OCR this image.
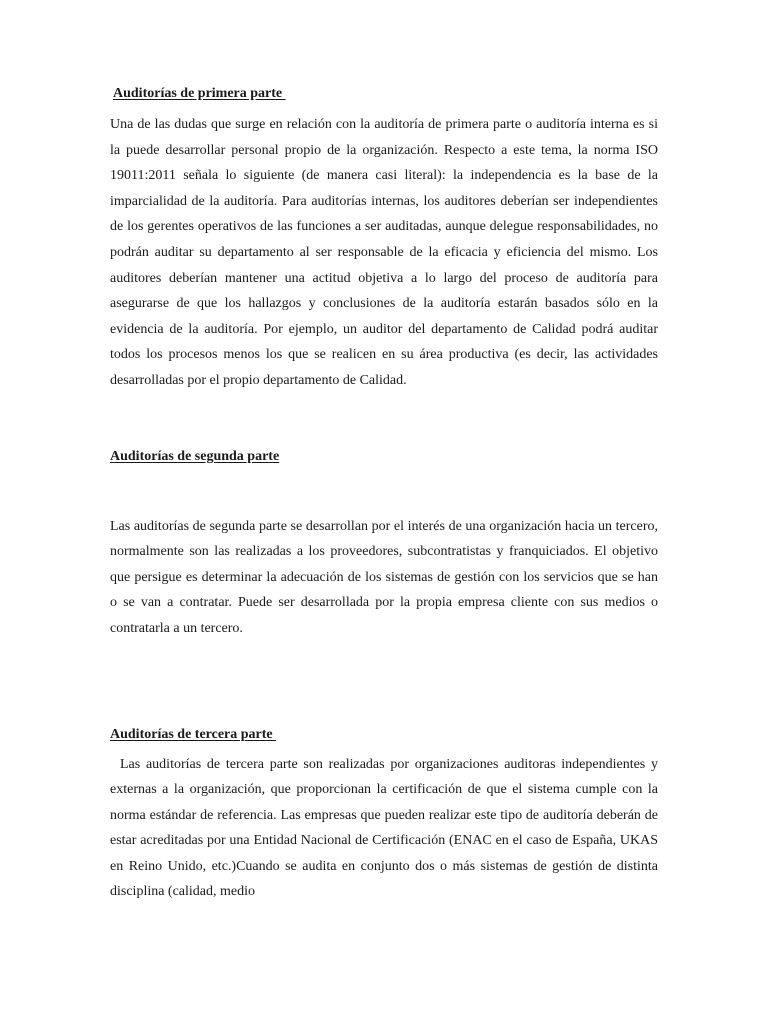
Auditorías de primera parte

Una de las dudas que surge en relación con la auditoría de primera parte o auditoría interna es si la puede desarrollar personal propio de la organización. Respecto a este tema, la norma ISO 19011:2011 señala lo siguiente (de manera casi literal): la independencia es la base de la imparcialidad de la auditoría. Para auditorías internas, los auditores deberían ser independientes de los gerentes operativos de las funciones a ser auditadas, aunque delegue responsabilidades, no podrán auditar su departamento al ser responsable de la eficacia y eficiencia del mismo. Los auditores deberían mantener una actitud objetiva a lo largo del proceso de auditoría para asegurarse de que los hallazgos y conclusiones de la auditoría estarán basados sólo en la evidencia de la auditoría. Por ejemplo, un auditor del departamento de Calidad podrá auditar todos los procesos menos los que se realicen en su área productiva (es decir, las actividades desarrolladas por el propio departamento de Calidad.

Auditorías de segunda parte

Las auditorías de segunda parte se desarrollan por el interés de una organización hacia un tercero, normalmente son las realizadas a los proveedores, subcontratistas y franquiciados. El objetivo que persigue es determinar la adecuación de los sistemas de gestión con los servicios que se han o se van a contratar. Puede ser desarrollada por la propia empresa cliente con sus medios o contratarla a un tercero.

Auditorías de tercera parte

Las auditorías de tercera parte son realizadas por organizaciones auditoras independientes y externas a la organización, que proporcionan la certificación de que el sistema cumple con la norma estándar de referencia. Las empresas que pueden realizar este tipo de auditoría deberán de estar acreditadas por una Entidad Nacional de Certificación (ENAC en el caso de España, UKAS en Reino Unido, etc.)Cuando se audita en conjunto dos o más sistemas de gestión de distinta disciplina (calidad, medio
